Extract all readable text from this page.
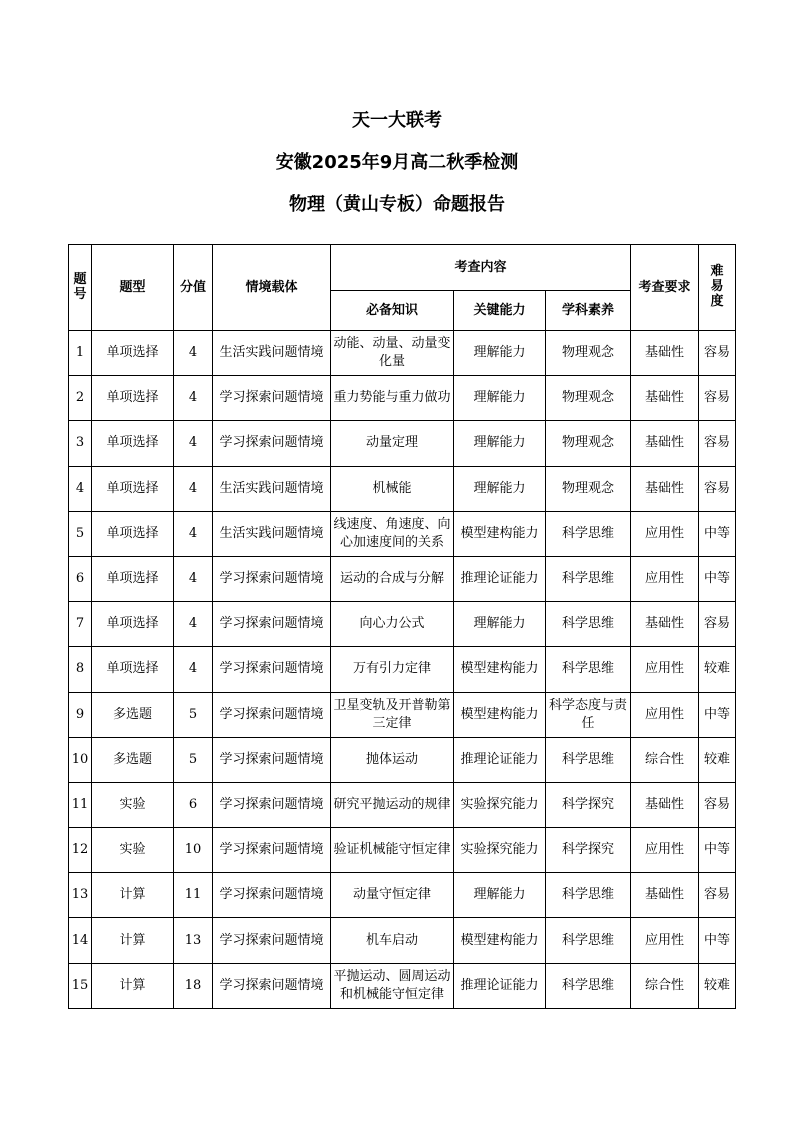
天一大联考
安徽2025年9月高二秋季检测
物理（黄山专板）命题报告
题号	题型	分值	情境载体	考查内容			考查要求	难易度
				必备知识	关键能力	学科素养		
1	单项选择	4	生活实践问题情境	动能、动量、动量变化量	理解能力	物理观念	基础性	容易
2	单项选择	4	学习探索问题情境	重力势能与重力做功	理解能力	物理观念	基础性	容易
3	单项选择	4	学习探索问题情境	动量定理	理解能力	物理观念	基础性	容易
4	单项选择	4	生活实践问题情境	机械能	理解能力	物理观念	基础性	容易
5	单项选择	4	生活实践问题情境	线速度、角速度、向心加速度间的关系	模型建构能力	科学思维	应用性	中等
6	单项选择	4	学习探索问题情境	运动的合成与分解	推理论证能力	科学思维	应用性	中等
7	单项选择	4	学习探索问题情境	向心力公式	理解能力	科学思维	基础性	容易
8	单项选择	4	学习探索问题情境	万有引力定律	模型建构能力	科学思维	应用性	较难
9	多选题	5	学习探索问题情境	卫星变轨及开普勒第三定律	模型建构能力	科学态度与责任	应用性	中等
10	多选题	5	学习探索问题情境	抛体运动	推理论证能力	科学思维	综合性	较难
11	实验	6	学习探索问题情境	研究平抛运动的规律	实验探究能力	科学探究	基础性	容易
12	实验	10	学习探索问题情境	验证机械能守恒定律	实验探究能力	科学探究	应用性	中等
13	计算	11	学习探索问题情境	动量守恒定律	理解能力	科学思维	基础性	容易
14	计算	13	学习探索问题情境	机车启动	模型建构能力	科学思维	应用性	中等
15	计算	18	学习探索问题情境	平抛运动、圆周运动和机械能守恒定律	推理论证能力	科学思维	综合性	较难
